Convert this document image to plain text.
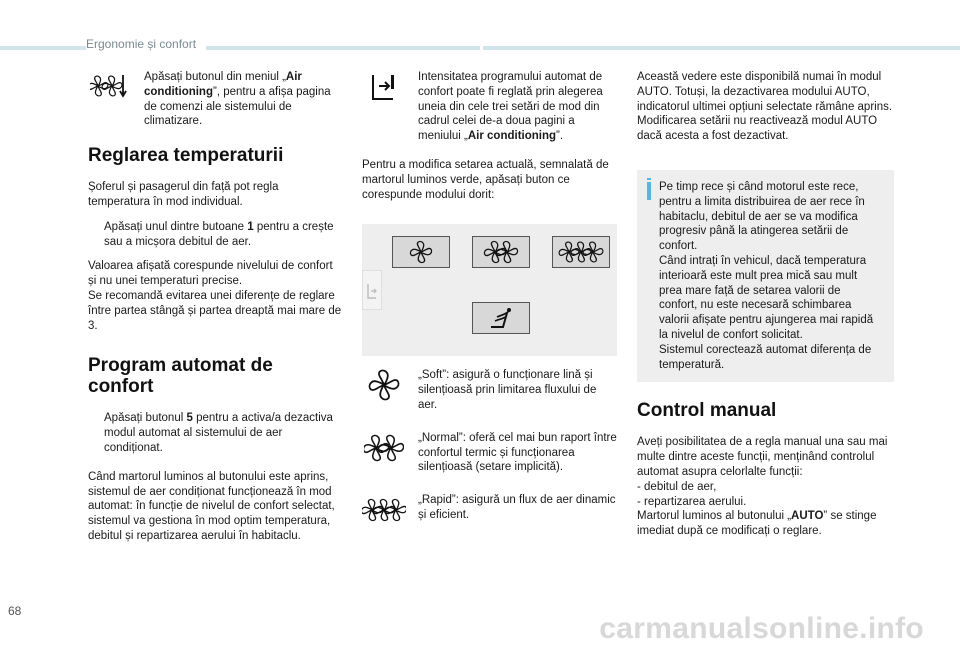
Ergonomie și confort
Apăsați butonul din meniul „Air conditioning”, pentru a afișa pagina de comenzi ale sistemului de climatizare.
Reglarea temperaturii

Șoferul și pasagerul din față pot regla temperatura în mod individual.

Apăsați unul dintre butoane 1 pentru a crește sau a micșora debitul de aer.

Valoarea afișată corespunde nivelului de confort și nu unei temperaturi precise.
Se recomandă evitarea unei diferențe de reglare între partea stângă și partea dreaptă mai mare de 3.

Program automat de confort
Apăsați butonul 5 pentru a activa/a dezactiva modul automat al sistemului de aer condiționat.

Când martorul luminos al butonului este aprins, sistemul de aer condiționat funcționează în mod automat: în funcție de nivelul de confort selectat, sistemul va gestiona în mod optim temperatura, debitul și repartizarea aerului în habitaclu.

Intensitatea programului automat de confort poate fi reglată prin alegerea uneia din cele trei setări de mod din cadrul celei de-a doua pagini a meniului „Air conditioning”.

Pentru a modifica setarea actuală, semnalată de martorul luminos verde, apăsați buton ce corespunde modului dorit:

„Soft”: asigură o funcționare lină și silențioasă prin limitarea fluxului de aer.
„Normal”: oferă cel mai bun raport între confortul termic și funcționarea silențioasă (setare implicită).
„Rapid”: asigură un flux de aer dinamic și eficient.

Această vedere este disponibilă numai în modul AUTO. Totuși, la dezactivarea modului AUTO, indicatorul ultimei opțiuni selectate rămâne aprins.
Modificarea setării nu reactivează modul AUTO dacă acesta a fost dezactivat.

Pe timp rece și când motorul este rece, pentru a limita distribuirea de aer rece în habitaclu, debitul de aer se va modifica progresiv până la atingerea setării de confort.
Când intrați în vehicul, dacă temperatura interioară este mult prea mică sau mult prea mare față de setarea valorii de confort, nu este necesară schimbarea valorii afișate pentru ajungerea mai rapidă la nivelul de confort solicitat.
Sistemul corectează automat diferența de temperatură.

Control manual

Aveți posibilitatea de a regla manual una sau mai multe dintre aceste funcții, menținând controlul automat asupra celorlalte funcții:
- debitul de aer,
- repartizarea aerului.
Martorul luminos al butonului „AUTO” se stinge imediat după ce modificați o reglare.

68
carmanualsonline.info
